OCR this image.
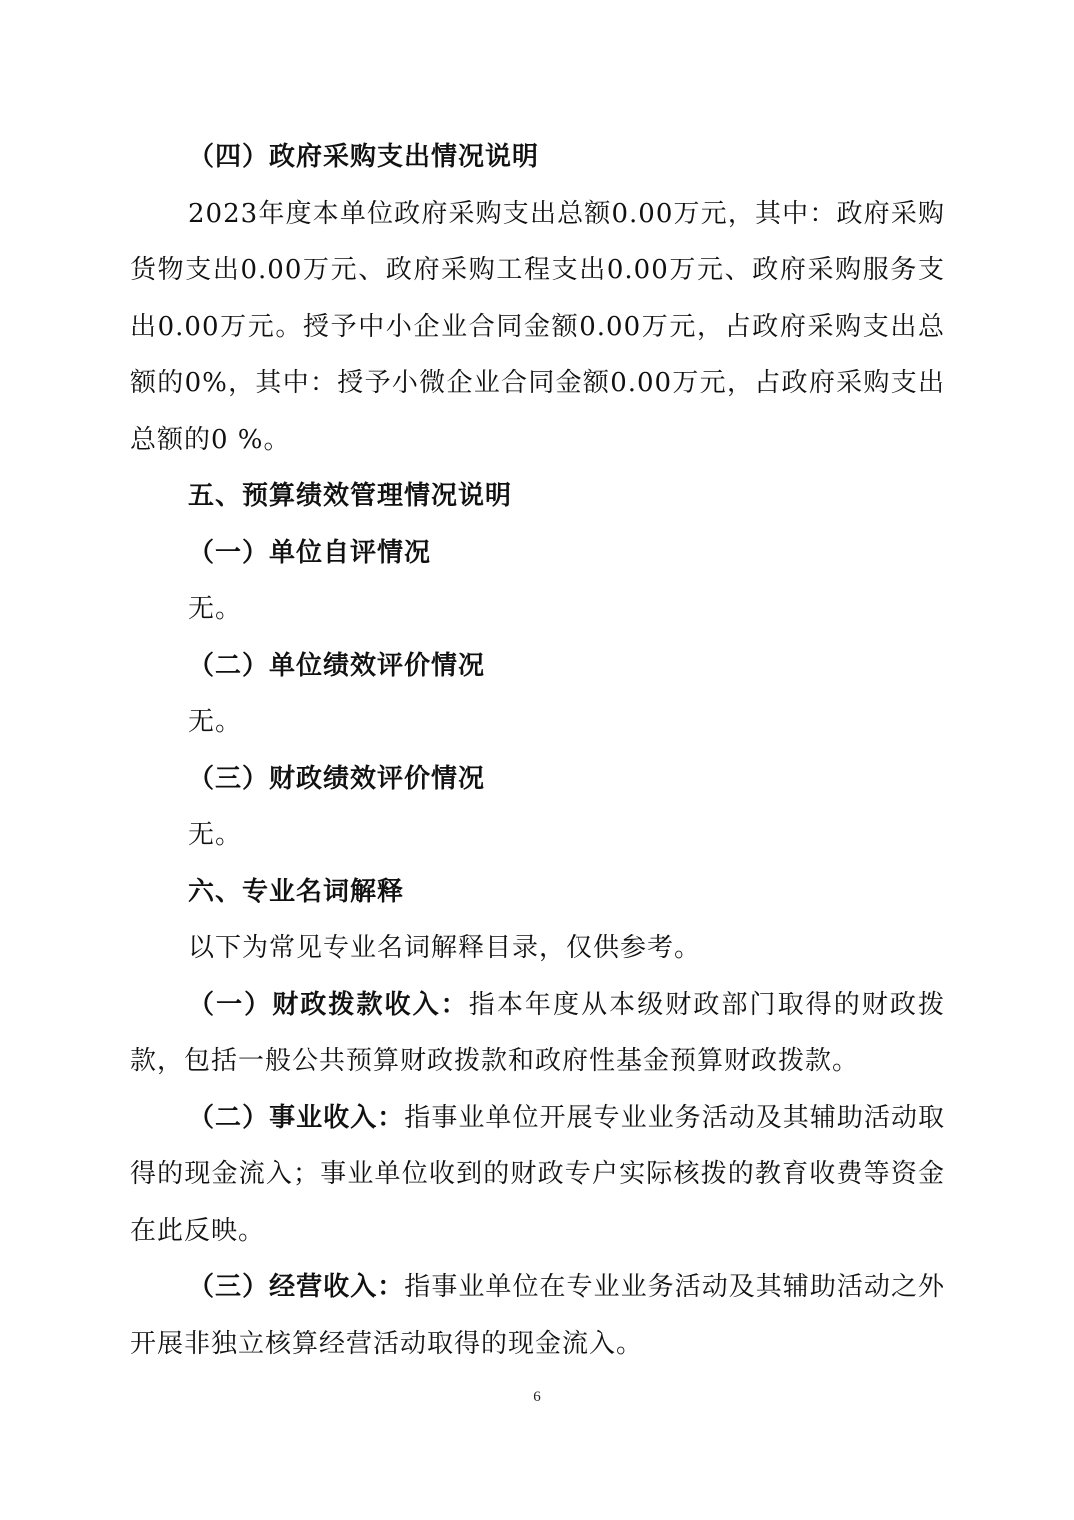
（四）政府采购支出情况说明

2023年度本单位政府采购支出总额0.00万元，其中：政府采购货物支出0.00万元、政府采购工程支出0.00万元、政府采购服务支出0.00万元。授予中小企业合同金额0.00万元，占政府采购支出总额的0%，其中：授予小微企业合同金额0.00万元，占政府采购支出总额的0 %。

五、预算绩效管理情况说明

（一）单位自评情况

无。

（二）单位绩效评价情况

无。

（三）财政绩效评价情况

无。

六、专业名词解释

以下为常见专业名词解释目录，仅供参考。

（一）财政拨款收入：指本年度从本级财政部门取得的财政拨款，包括一般公共预算财政拨款和政府性基金预算财政拨款。

（二）事业收入：指事业单位开展专业业务活动及其辅助活动取得的现金流入；事业单位收到的财政专户实际核拨的教育收费等资金在此反映。

（三）经营收入：指事业单位在专业业务活动及其辅助活动之外开展非独立核算经营活动取得的现金流入。

6
